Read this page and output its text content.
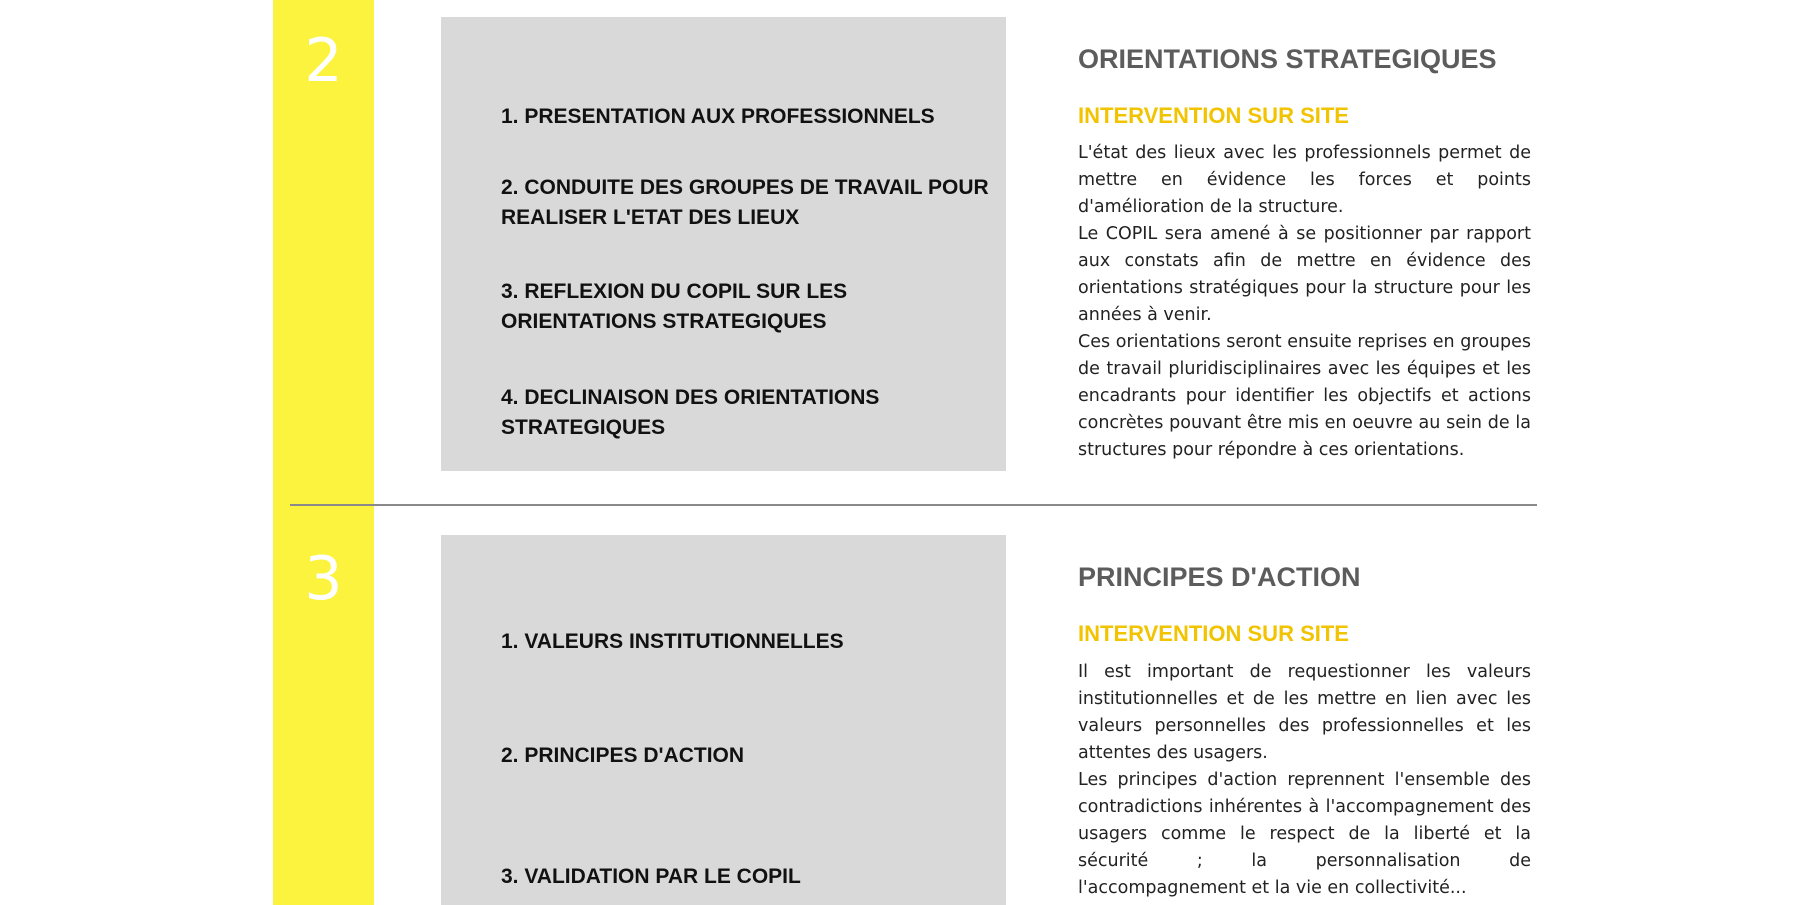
2

1. PRESENTATION AUX PROFESSIONNELS

2. CONDUITE DES GROUPES DE TRAVAIL POUR REALISER L'ETAT DES LIEUX

3. REFLEXION DU COPIL SUR LES ORIENTATIONS STRATEGIQUES

4. DECLINAISON DES ORIENTATIONS STRATEGIQUES

ORIENTATIONS STRATEGIQUES
INTERVENTION SUR SITE

L'état des lieux avec les professionnels permet de mettre en évidence les forces et points d'amélioration de la structure.

Le COPIL sera amené à se positionner par rapport aux constats afin de mettre en évidence des orientations stratégiques pour la structure pour les années à venir.

Ces orientations seront ensuite reprises en groupes de travail pluridisciplinaires avec les équipes et les encadrants pour identifier les objectifs et actions concrètes pouvant être mis en oeuvre au sein de la structures pour répondre à ces orientations.

3

1. VALEURS INSTITUTIONNELLES

2. PRINCIPES D'ACTION

3. VALIDATION PAR LE COPIL

PRINCIPES D'ACTION
INTERVENTION SUR SITE

Il est important de requestionner les valeurs institutionnelles et de les mettre en lien avec les valeurs personnelles des professionnelles et les attentes des usagers.

Les principes d'action reprennent l'ensemble des contradictions inhérentes à l'accompagnement des usagers comme le respect de la liberté et la sécurité ; la personnalisation de l'accompagnement et la vie en collectivité...
